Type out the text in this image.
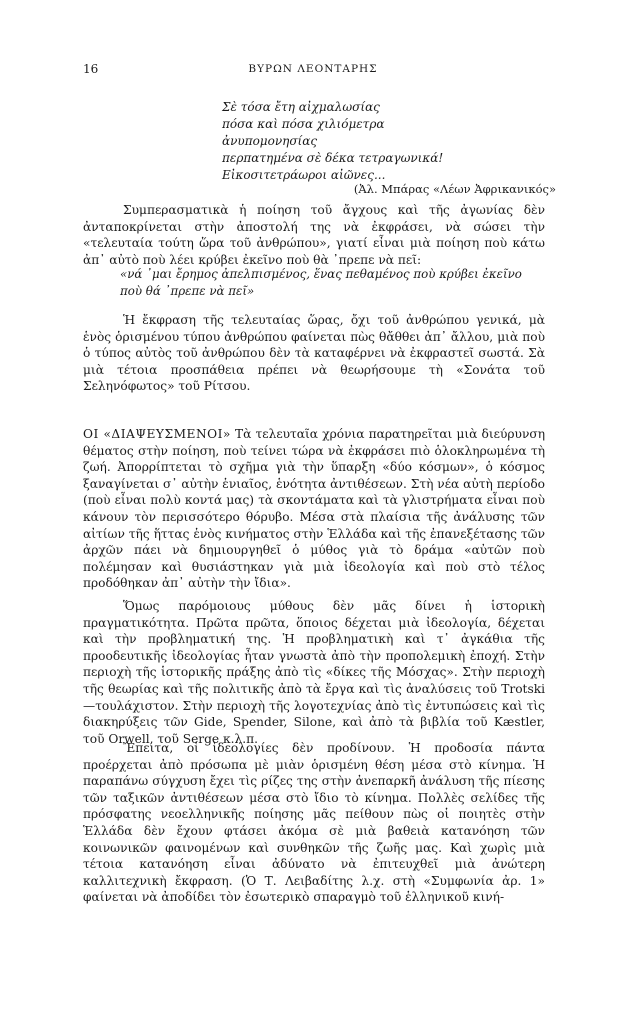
16	ΒΥΡΩΝ ΛΕΟΝΤΑΡΗΣ
Σὲ τόσα ἔτη αἰχμαλωσίας
πόσα καὶ πόσα χιλιόμετρα
ἀνυπομονησίας
περπατημένα σὲ δέκα τετραγωνικά!
Εἰκοσιτετράωροι αἰῶνες...
(Ἀλ. Μπάρας «Λέων Ἀφρικανικός»

Συμπερασματικὰ ἡ ποίηση τοῦ ἄγχους καὶ τῆς ἀγωνίας δὲν ἀνταποκρίνεται στὴν ἀποστολή της νὰ ἐκφράσει, νὰ σώσει τὴν «τελευταία τούτη ὥρα τοῦ ἀνθρώπου», γιατί εἶναι μιὰ ποίηση ποὺ κάτω ἀπ᾽ αὐτὸ ποὺ λέει κρύβει ἐκεῖνο ποὺ θὰ ᾽πρεπε νὰ πεῖ:

«νά ᾽μαι ἔρημος ἀπελπισμένος, ἕνας πεθαμένος ποὺ κρύβει ἐκεῖνο ποὺ θά ᾽πρεπε νὰ πεῖ»

Ἡ ἔκφραση τῆς τελευταίας ὥρας, ὄχι τοῦ ἀνθρώπου γενικά, μὰ ἑνὸς ὁρισμένου τύπου ἀνθρώπου φαίνεται πὼς θἄθθει ἀπ᾽ ἄλλου, μιὰ ποὺ ὁ τύπος αὐτὸς τοῦ ἀνθρώπου δὲν τὰ καταφέρνει νὰ ἐκφραστεῖ σωστά. Σὰ μιὰ τέτοια προσπάθεια πρέπει νὰ θεωρήσουμε τὴ «Σονάτα τοῦ Σεληνόφωτος» τοῦ Ρίτσου.

ΟΙ «ΔΙΑΨΕΥΣΜΕΝΟΙ» Τὰ τελευταῖα χρόνια παρατηρεῖται μιὰ διεύρυνση θέματος στὴν ποίηση, ποὺ τείνει τώρα νὰ ἐκφράσει πιὸ ὁλοκληρωμένα τὴ ζωή. Ἀπορρίπτεται τὸ σχῆμα γιὰ τὴν ὕπαρξη «δύο κόσμων», ὁ κόσμος ξαναγίνεται σ᾽ αὐτὴν ἑνιαῖος, ἑνότητα ἀντιθέσεων. Στὴ νέα αὐτὴ περίοδο (ποὺ εἶναι πολὺ κοντά μας) τὰ σκοντάματα καὶ τὰ γλιστρήματα εἶναι ποὺ κάνουν τὸν περισσότερο θόρυβο. Μέσα στὰ πλαίσια τῆς ἀνάλυσης τῶν αἰτίων τῆς ἥττας ἑνὸς κινήματος στὴν Ἑλλάδα καὶ τῆς ἐπανεξέτασης τῶν ἀρχῶν πάει νὰ δημιουργηθεῖ ὁ μύθος γιὰ τὸ δράμα «αὐτῶν ποὺ πολέμησαν καὶ θυσιάστηκαν γιὰ μιὰ ἰδεολογία καὶ ποὺ στὸ τέλος προδόθηκαν ἀπ᾽ αὐτὴν τὴν ἴδια».

Ὅμως παρόμοιους μύθους δὲν μᾶς δίνει ἡ ἱστορικὴ πραγματικότητα. Πρῶτα πρῶτα, ὅποιος δέχεται μιὰ ἰδεολογία, δέχεται καὶ τὴν προβληματική της. Ἡ προβληματικὴ καὶ τ᾽ ἀγκάθια τῆς προοδευτικῆς ἰδεολογίας ἦταν γνωστὰ ἀπὸ τὴν προπολεμικὴ ἐποχή. Στὴν περιοχὴ τῆς ἱστορικῆς πράξης ἀπὸ τὶς «δίκες τῆς Μόσχας». Στὴν περιοχὴ τῆς θεωρίας καὶ τῆς πολιτικῆς ἀπὸ τὰ ἔργα καὶ τὶς ἀναλύσεις τοῦ Trotski—τουλάχιστον. Στὴν περιοχὴ τῆς λογοτεχνίας ἀπὸ τὶς ἐντυπώσεις καὶ τὶς διακηρύξεις τῶν Gide, Spender, Silone, καὶ ἀπὸ τὰ βιβλία τοῦ Kæstler, τοῦ Orwell, τοῦ Serge κ.λ.π.

Ἔπειτα, οἱ ἰδεολογίες δὲν προδίνουν. Ἡ προδοσία πάντα προέρχεται ἀπὸ πρόσωπα μὲ μιὰν ὁρισμένη θέση μέσα στὸ κίνημα. Ἡ παραπάνω σύγχυση ἔχει τὶς ρίζες της στὴν ἀνεπαρκῆ ἀνάλυση τῆς πίεσης τῶν ταξικῶν ἀντιθέσεων μέσα στὸ ἴδιο τὸ κίνημα. Πολλὲς σελίδες τῆς πρόσφατης νεοελληνικῆς ποίησης μᾶς πείθουν πὼς οἱ ποιητὲς στὴν Ἑλλάδα δὲν ἔχουν φτάσει ἀκόμα σὲ μιὰ βαθειὰ κατανόηση τῶν κοινωνικῶν φαινομένων καὶ συνθηκῶν τῆς ζωῆς μας. Καὶ χωρὶς μιὰ τέτοια κατανόηση εἶναι ἀδύνατο νὰ ἐπιτευχθεῖ μιὰ ἀνώτερη καλλιτεχνικὴ ἔκφραση. (Ὁ Τ. Λειβαδίτης λ.χ. στὴ «Συμφωνία ἀρ. 1» φαίνεται νὰ ἀποδίδει τὸν ἐσωτερικὸ σπαραγμὸ τοῦ ἑλληνικοῦ κινή-
